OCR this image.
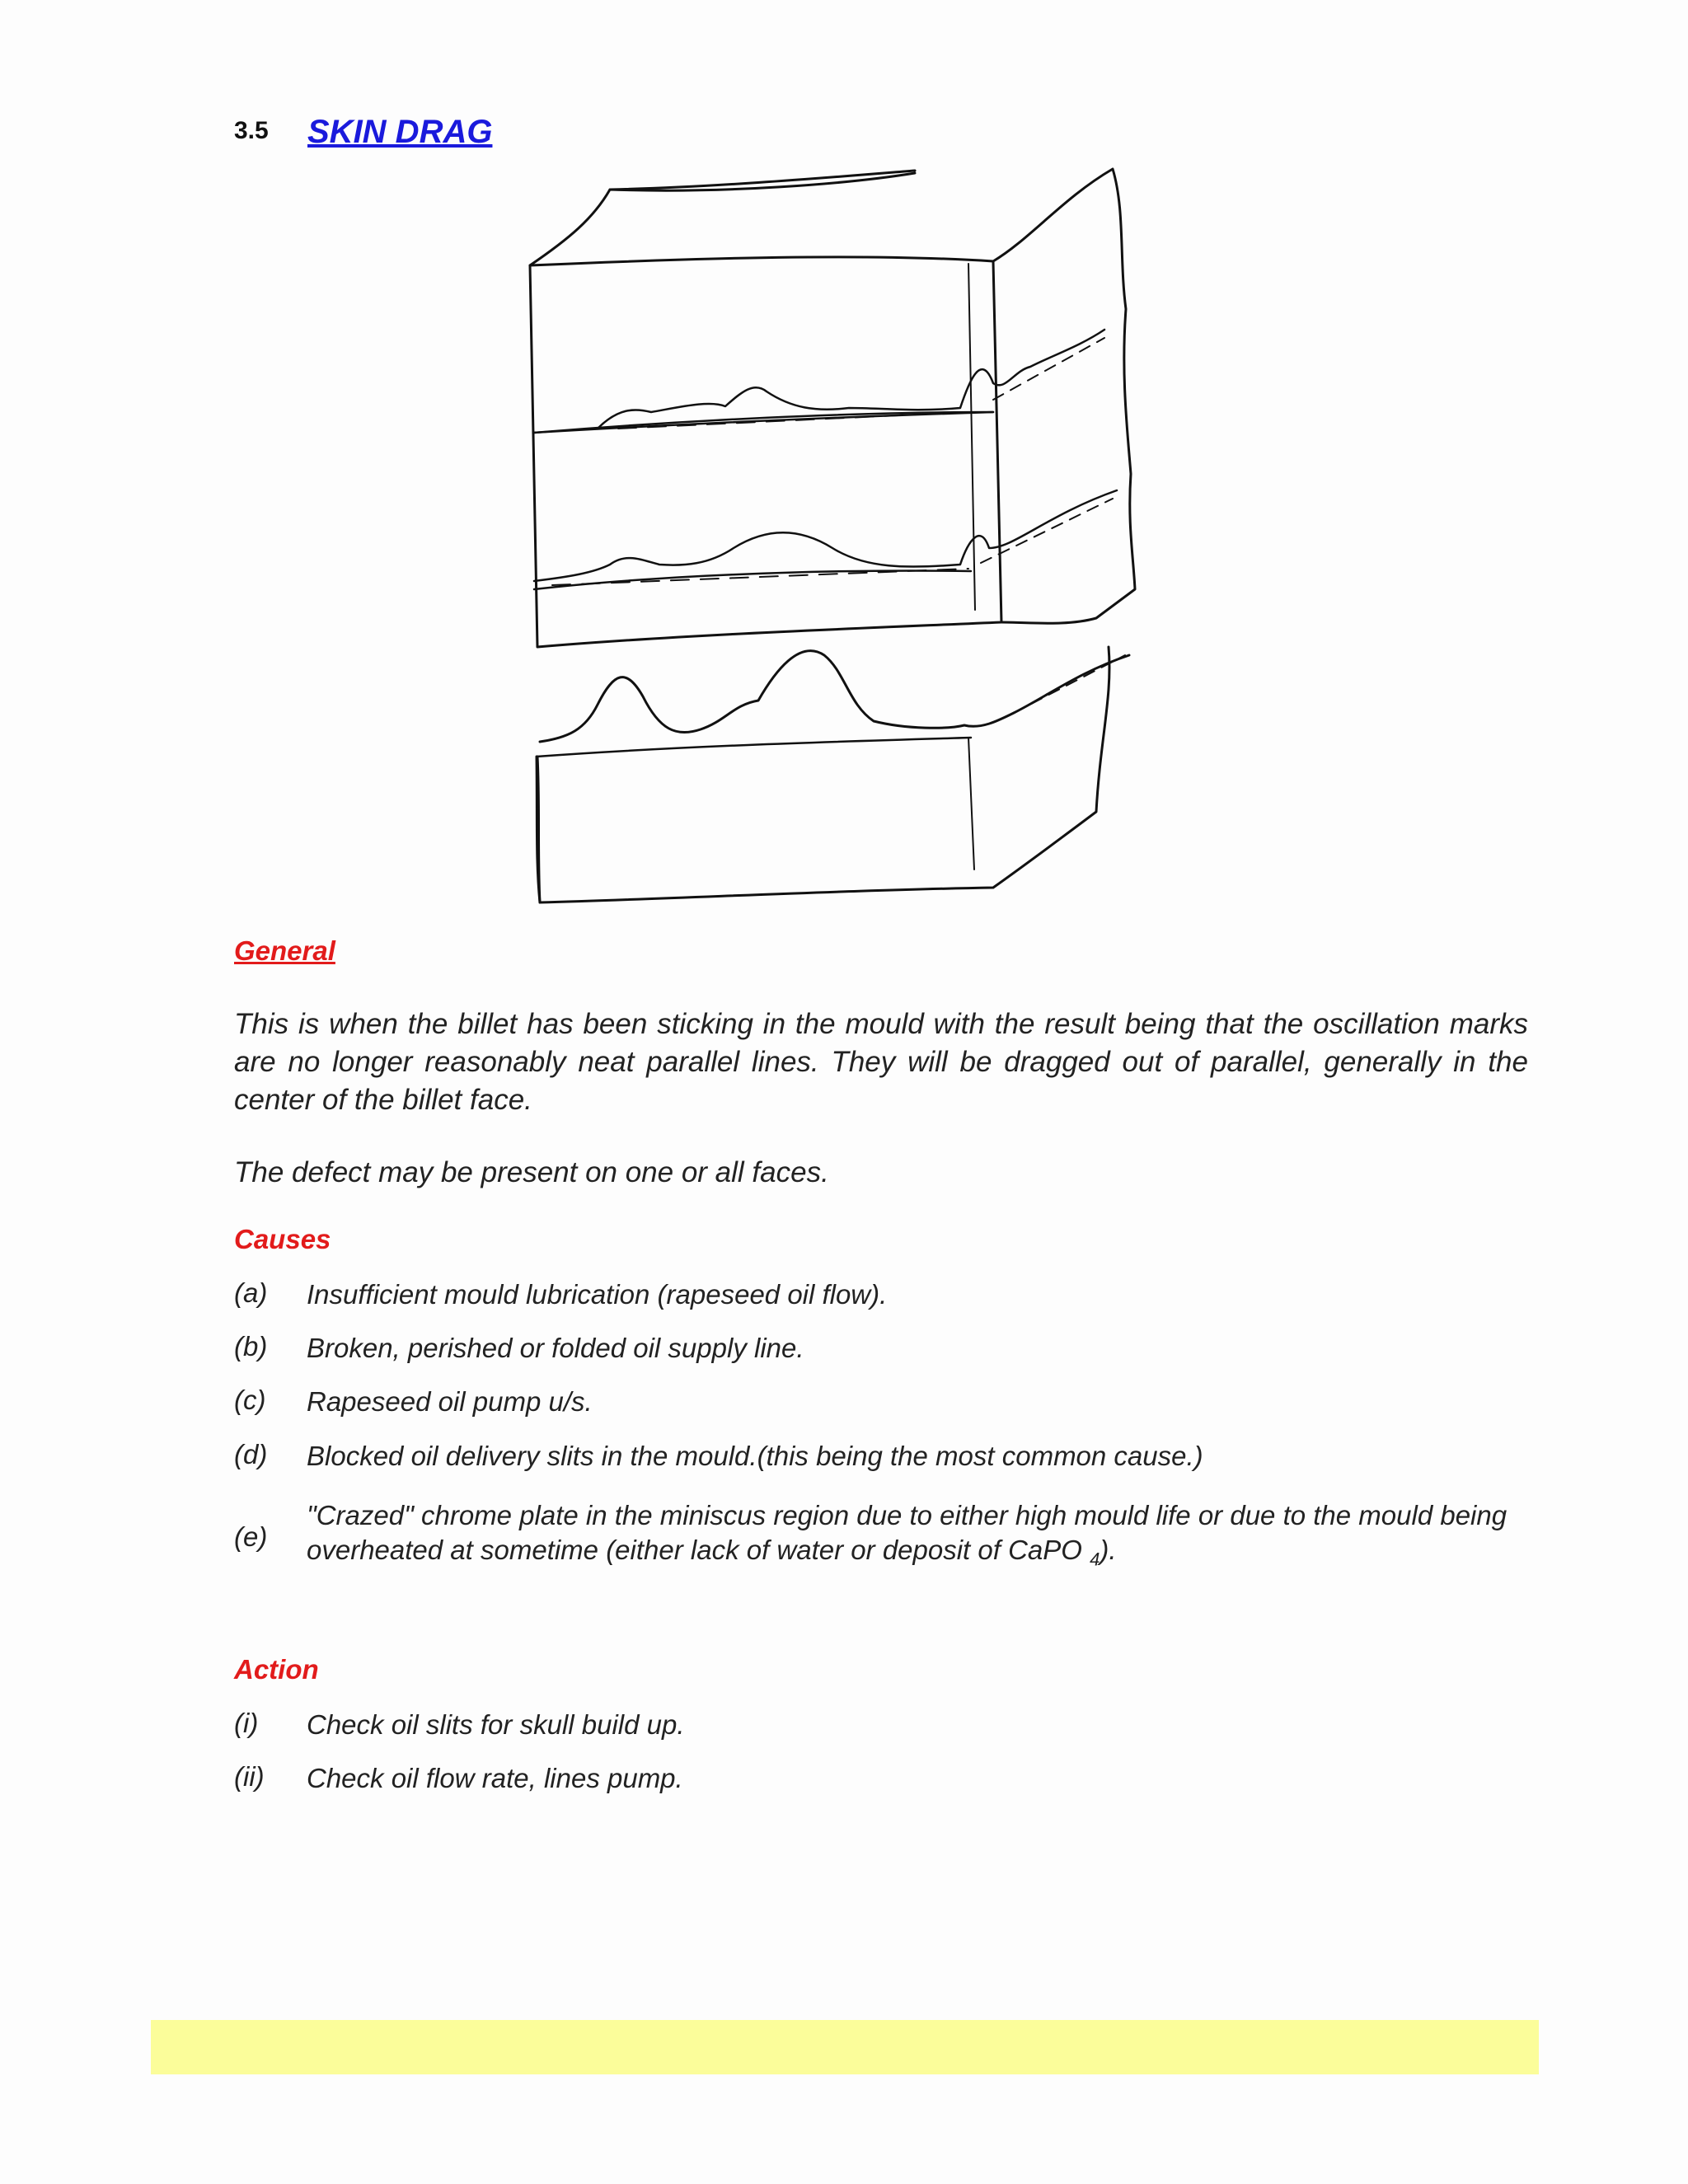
3.5 SKIN DRAG
General
This is when the billet has been sticking in the mould with the result being that the oscillation marks are no longer reasonably neat parallel lines. They will be dragged out of parallel, generally in the center of the billet face.
The defect may be present on one or all faces.
Causes
(a) Insufficient mould lubrication (rapeseed oil flow).
(b) Broken, perished or folded oil supply line.
(c) Rapeseed oil pump u/s.
(d) Blocked oil delivery slits in the mould.(this being the most common cause.)
(e)
"Crazed" chrome plate in the miniscus region due to either high mould life or due to the mould being overheated at sometime (either lack of water or deposit of CaPO $_4$).
Action
(i) Check oil slits for skull build up.
(ii) Check oil flow rate, lines pump.
